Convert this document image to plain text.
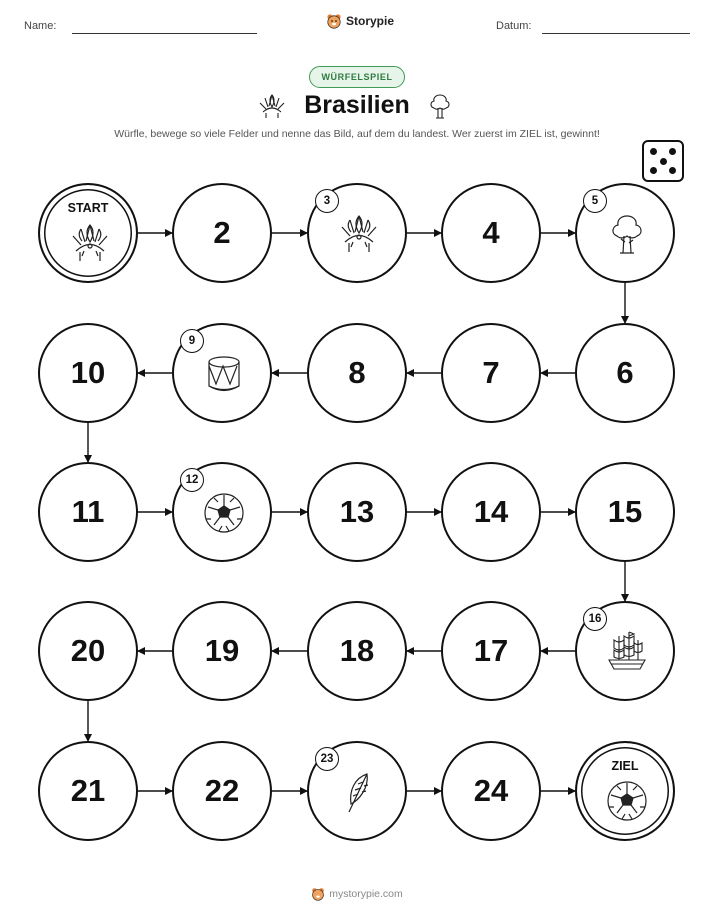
Name:	Storypie	Datum:
WÜRFELSPIEL
Brasilien
Würfle, bewege so viele Felder und nenne das Bild, auf dem du landest. Wer zuerst im ZIEL ist, gewinnt!
START
2
3
4
5
6
7
8
9
10
11
12
13	14	15
16
17
18
19
20
21	22
23
24
ZIEL
mystorypie.com
